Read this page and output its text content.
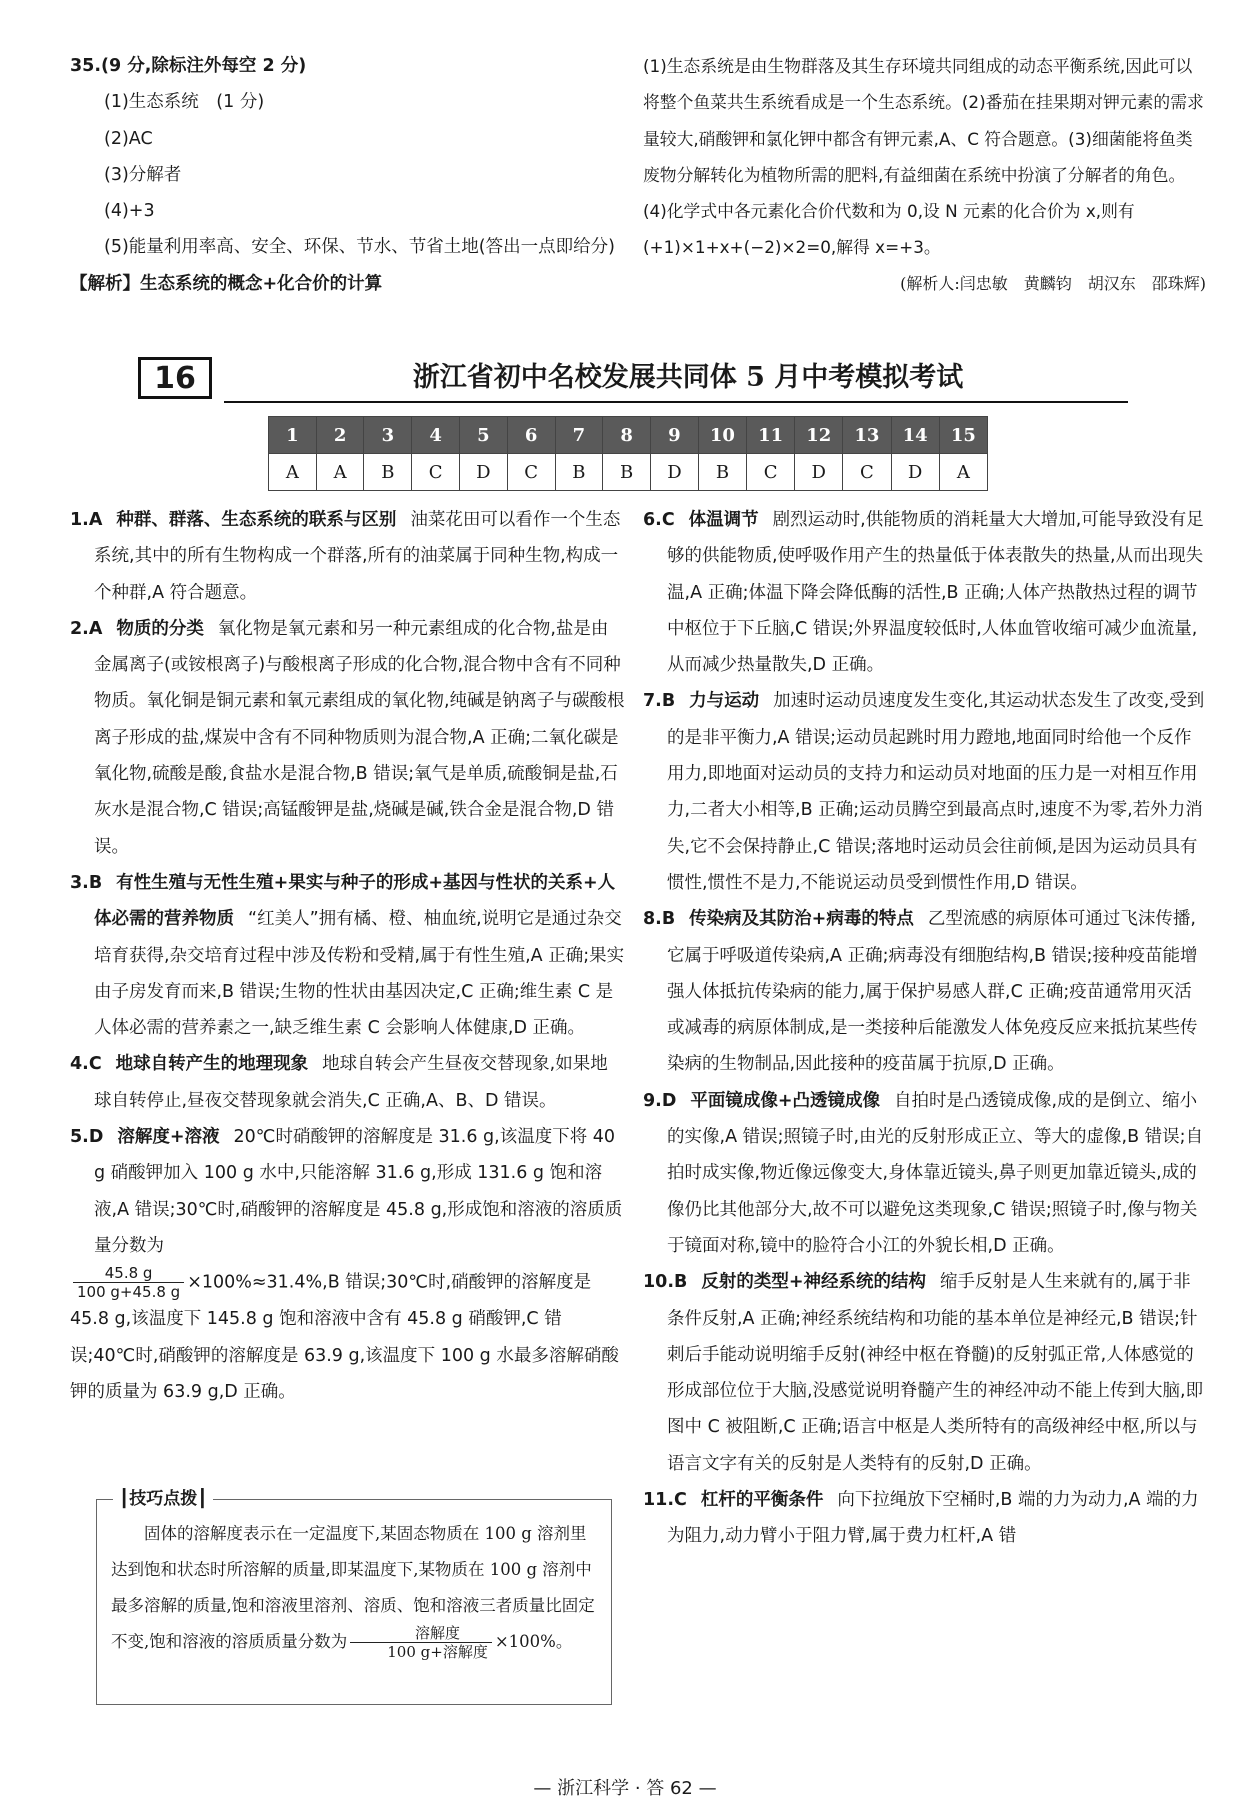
35.(9 分,除标注外每空 2 分)

(1)生态系统　(1 分)

(2)AC

(3)分解者

(4)+3

(5)能量利用率高、安全、环保、节水、节省土地(答出一点即给分)

【解析】生态系统的概念+化合价的计算

(1)生态系统是由生物群落及其生存环境共同组成的动态平衡系统,因此可以将整个鱼菜共生系统看成是一个生态系统。(2)番茄在挂果期对钾元素的需求量较大,硝酸钾和氯化钾中都含有钾元素,A、C 符合题意。(3)细菌能将鱼类废物分解转化为植物所需的肥料,有益细菌在系统中扮演了分解者的角色。(4)化学式中各元素化合价代数和为 0,设 N 元素的化合价为 x,则有(+1)×1+x+(−2)×2=0,解得 x=+3。

(解析人:闫忠敏　黄麟钧　胡汉东　邵珠辉)

16	浙江省初中名校发展共同体 5 月中考模拟考试
1	2	3	4	5	6	7	8	9	10	11	12	13	14	15
A	A	B	C	D	C	B	B	D	B	C	D	C	D	A

1.A 种群、群落、生态系统的联系与区别 油菜花田可以看作一个生态系统,其中的所有生物构成一个群落,所有的油菜属于同种生物,构成一个种群,A 符合题意。

2.A 物质的分类 氧化物是氧元素和另一种元素组成的化合物,盐是由金属离子(或铵根离子)与酸根离子形成的化合物,混合物中含有不同种物质。氧化铜是铜元素和氧元素组成的氧化物,纯碱是钠离子与碳酸根离子形成的盐,煤炭中含有不同种物质则为混合物,A 正确;二氧化碳是氧化物,硫酸是酸,食盐水是混合物,B 错误;氧气是单质,硫酸铜是盐,石灰水是混合物,C 错误;高锰酸钾是盐,烧碱是碱,铁合金是混合物,D 错误。

3.B 有性生殖与无性生殖+果实与种子的形成+基因与性状的关系+人体必需的营养物质 “红美人”拥有橘、橙、柚血统,说明它是通过杂交培育获得,杂交培育过程中涉及传粉和受精,属于有性生殖,A 正确;果实由子房发育而来,B 错误;生物的性状由基因决定,C 正确;维生素 C 是人体必需的营养素之一,缺乏维生素 C 会影响人体健康,D 正确。

4.C 地球自转产生的地理现象 地球自转会产生昼夜交替现象,如果地球自转停止,昼夜交替现象就会消失,C 正确,A、B、D 错误。

5.D 溶解度+溶液 20℃时硝酸钾的溶解度是 31.6 g,该温度下将 40 g 硝酸钾加入 100 g 水中,只能溶解 31.6 g,形成 131.6 g 饱和溶液,A 错误;30℃时,硝酸钾的溶解度是 45.8 g,形成饱和溶液的溶质质量分数为

$\frac{45.8 g}{100 g+45.8 g} \times 100\%\approx 31.4\%,B$ 错误;30℃时,硝酸钾的溶解度是 45.8 g,该温度下 145.8 g 饱和溶液中含有 45.8 g 硝酸钾,C 错误;40℃时,硝酸钾的溶解度是 63.9 g,该温度下 100 g 水最多溶解硝酸钾的质量为 63.9 g,D 正确。

┃技巧点拨┃

固体的溶解度表示在一定温度下,某固态物质在 100 g 溶剂里达到饱和状态时所溶解的质量,即某温度下,某物质在 100 g 溶剂中最多溶解的质量,饱和溶液里溶剂、溶质、饱和溶液三者质量比固定不变,饱和溶液的溶质质量分数为 $\frac{\text{溶解度}}{\text{100 g+溶解度}} \times 100\%$。

6.C 体温调节 剧烈运动时,供能物质的消耗量大大增加,可能导致没有足够的供能物质,使呼吸作用产生的热量低于体表散失的热量,从而出现失温,A 正确;体温下降会降低酶的活性,B 正确;人体产热散热过程的调节中枢位于下丘脑,C 错误;外界温度较低时,人体血管收缩可减少血流量,从而减少热量散失,D 正确。

7.B 力与运动 加速时运动员速度发生变化,其运动状态发生了改变,受到的是非平衡力,A 错误;运动员起跳时用力蹬地,地面同时给他一个反作用力,即地面对运动员的支持力和运动员对地面的压力是一对相互作用力,二者大小相等,B 正确;运动员腾空到最高点时,速度不为零,若外力消失,它不会保持静止,C 错误;落地时运动员会往前倾,是因为运动员具有惯性,惯性不是力,不能说运动员受到惯性作用,D 错误。

8.B 传染病及其防治+病毒的特点 乙型流感的病原体可通过飞沫传播,它属于呼吸道传染病,A 正确;病毒没有细胞结构,B 错误;接种疫苗能增强人体抵抗传染病的能力,属于保护易感人群,C 正确;疫苗通常用灭活或减毒的病原体制成,是一类接种后能激发人体免疫反应来抵抗某些传染病的生物制品,因此接种的疫苗属于抗原,D 正确。

9.D 平面镜成像+凸透镜成像 自拍时是凸透镜成像,成的是倒立、缩小的实像,A 错误;照镜子时,由光的反射形成正立、等大的虚像,B 错误;自拍时成实像,物近像远像变大,身体靠近镜头,鼻子则更加靠近镜头,成的像仍比其他部分大,故不可以避免这类现象,C 错误;照镜子时,像与物关于镜面对称,镜中的脸符合小江的外貌长相,D 正确。

10.B 反射的类型+神经系统的结构 缩手反射是人生来就有的,属于非条件反射,A 正确;神经系统结构和功能的基本单位是神经元,B 错误;针刺后手能动说明缩手反射(神经中枢在脊髓)的反射弧正常,人体感觉的形成部位位于大脑,没感觉说明脊髓产生的神经冲动不能上传到大脑,即图中 C 被阻断,C 正确;语言中枢是人类所特有的高级神经中枢,所以与语言文字有关的反射是人类特有的反射,D 正确。

11.C 杠杆的平衡条件 向下拉绳放下空桶时,B 端的力为动力,A 端的力为阻力,动力臂小于阻力臂,属于费力杠杆,A 错

— 浙江科学 · 答 62 —
